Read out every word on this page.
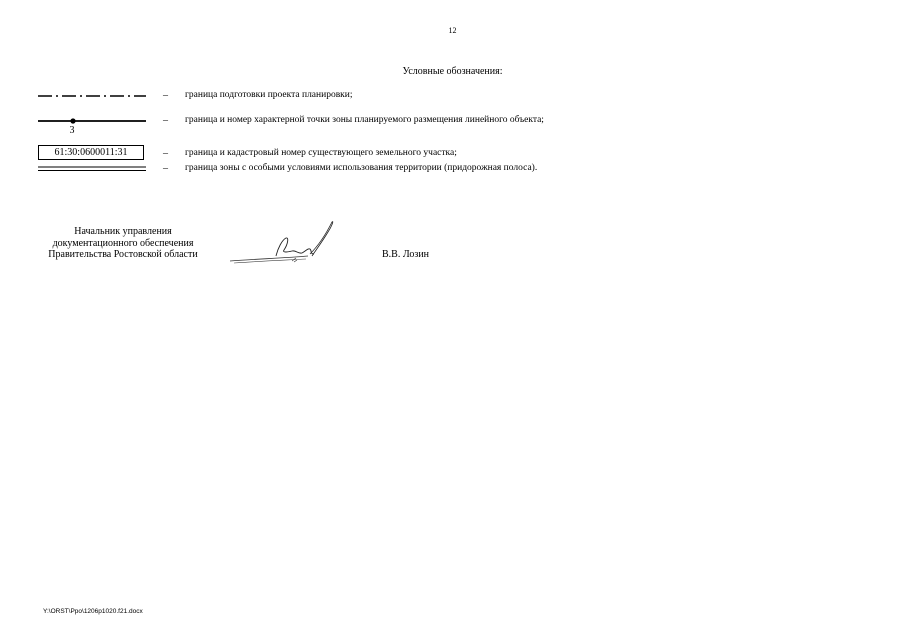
12
Условные обозначения:
– граница подготовки проекта планировки;
3
– граница и номер характерной точки зоны планируемого размещения линейного объекта;
61:30:0600011:31	– граница и кадастровый номер существующего земельного участка;
– граница зоны с особыми условиями использования территории (придорожная полоса).
Начальник управления
документационного обеспечения
Правительства Ростовской области	В.В. Лозин
Y:\ORST\Ppo\1206p1020.f21.docx
